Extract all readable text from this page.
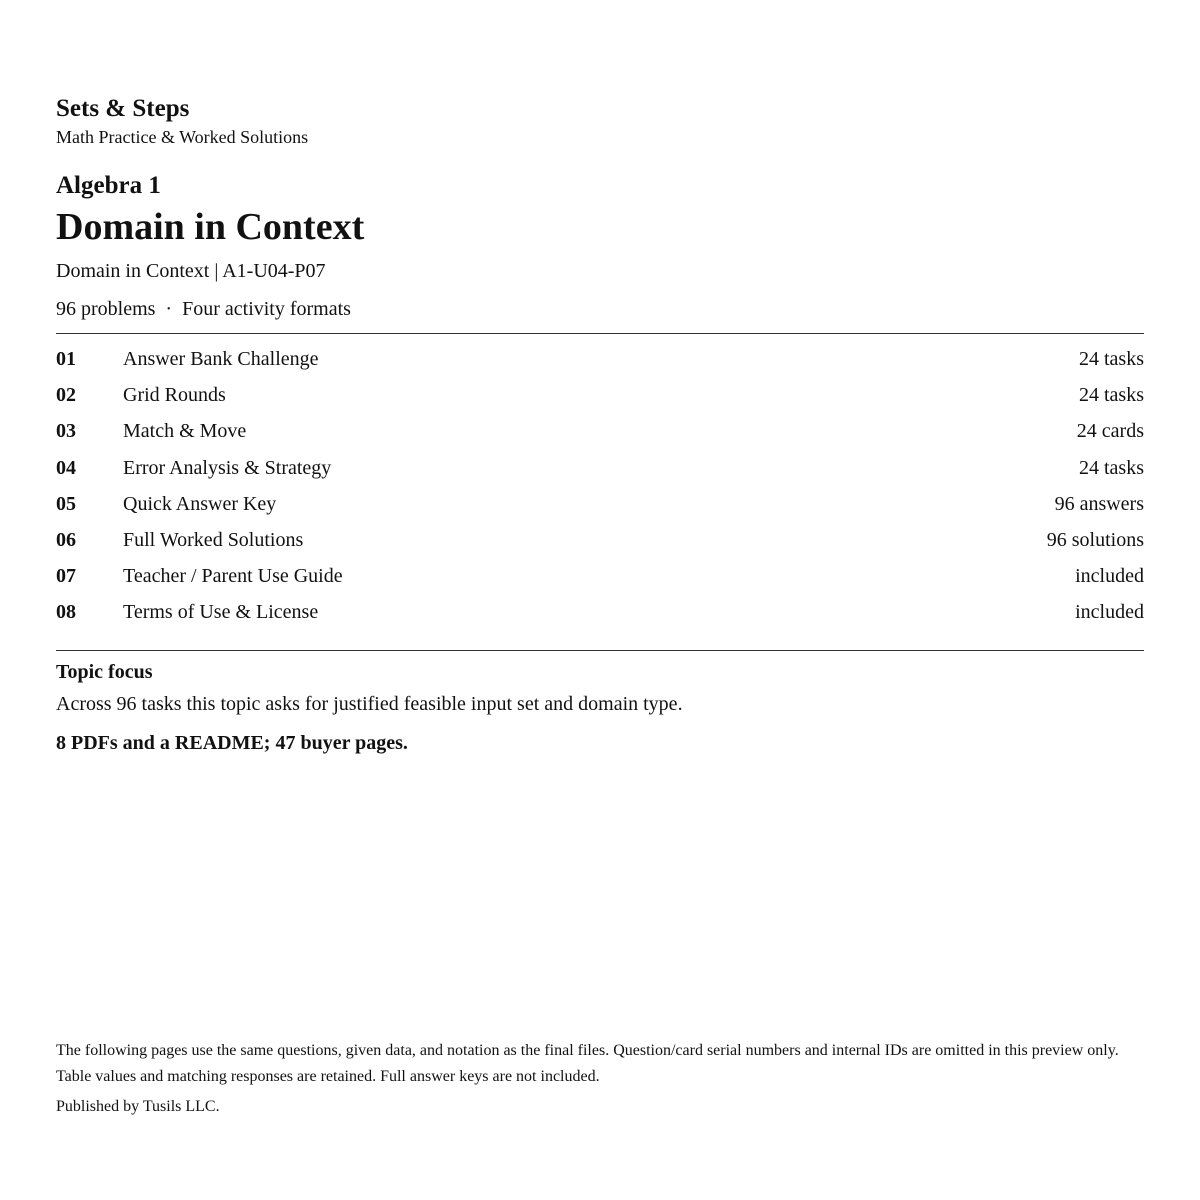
Sets & Steps
Math Practice & Worked Solutions
Algebra 1
Domain in Context
Domain in Context | A1-U04-P07
96 problems  ·  Four activity formats
01 Answer Bank Challenge	24 tasks
02 Grid Rounds	24 tasks
03 Match & Move	24 cards
04 Error Analysis & Strategy	24 tasks
05 Quick Answer Key	96 answers
06 Full Worked Solutions	96 solutions
07 Teacher / Parent Use Guide	included
08 Terms of Use & License	included
Topic focus
Across 96 tasks this topic asks for justified feasible input set and domain type.
8 PDFs and a README; 47 buyer pages.
The following pages use the same questions, given data, and notation as the final files. Question/card serial numbers and internal IDs are omitted in this preview only. Table values and matching responses are retained. Full answer keys are not included.
Published by Tusils LLC.
